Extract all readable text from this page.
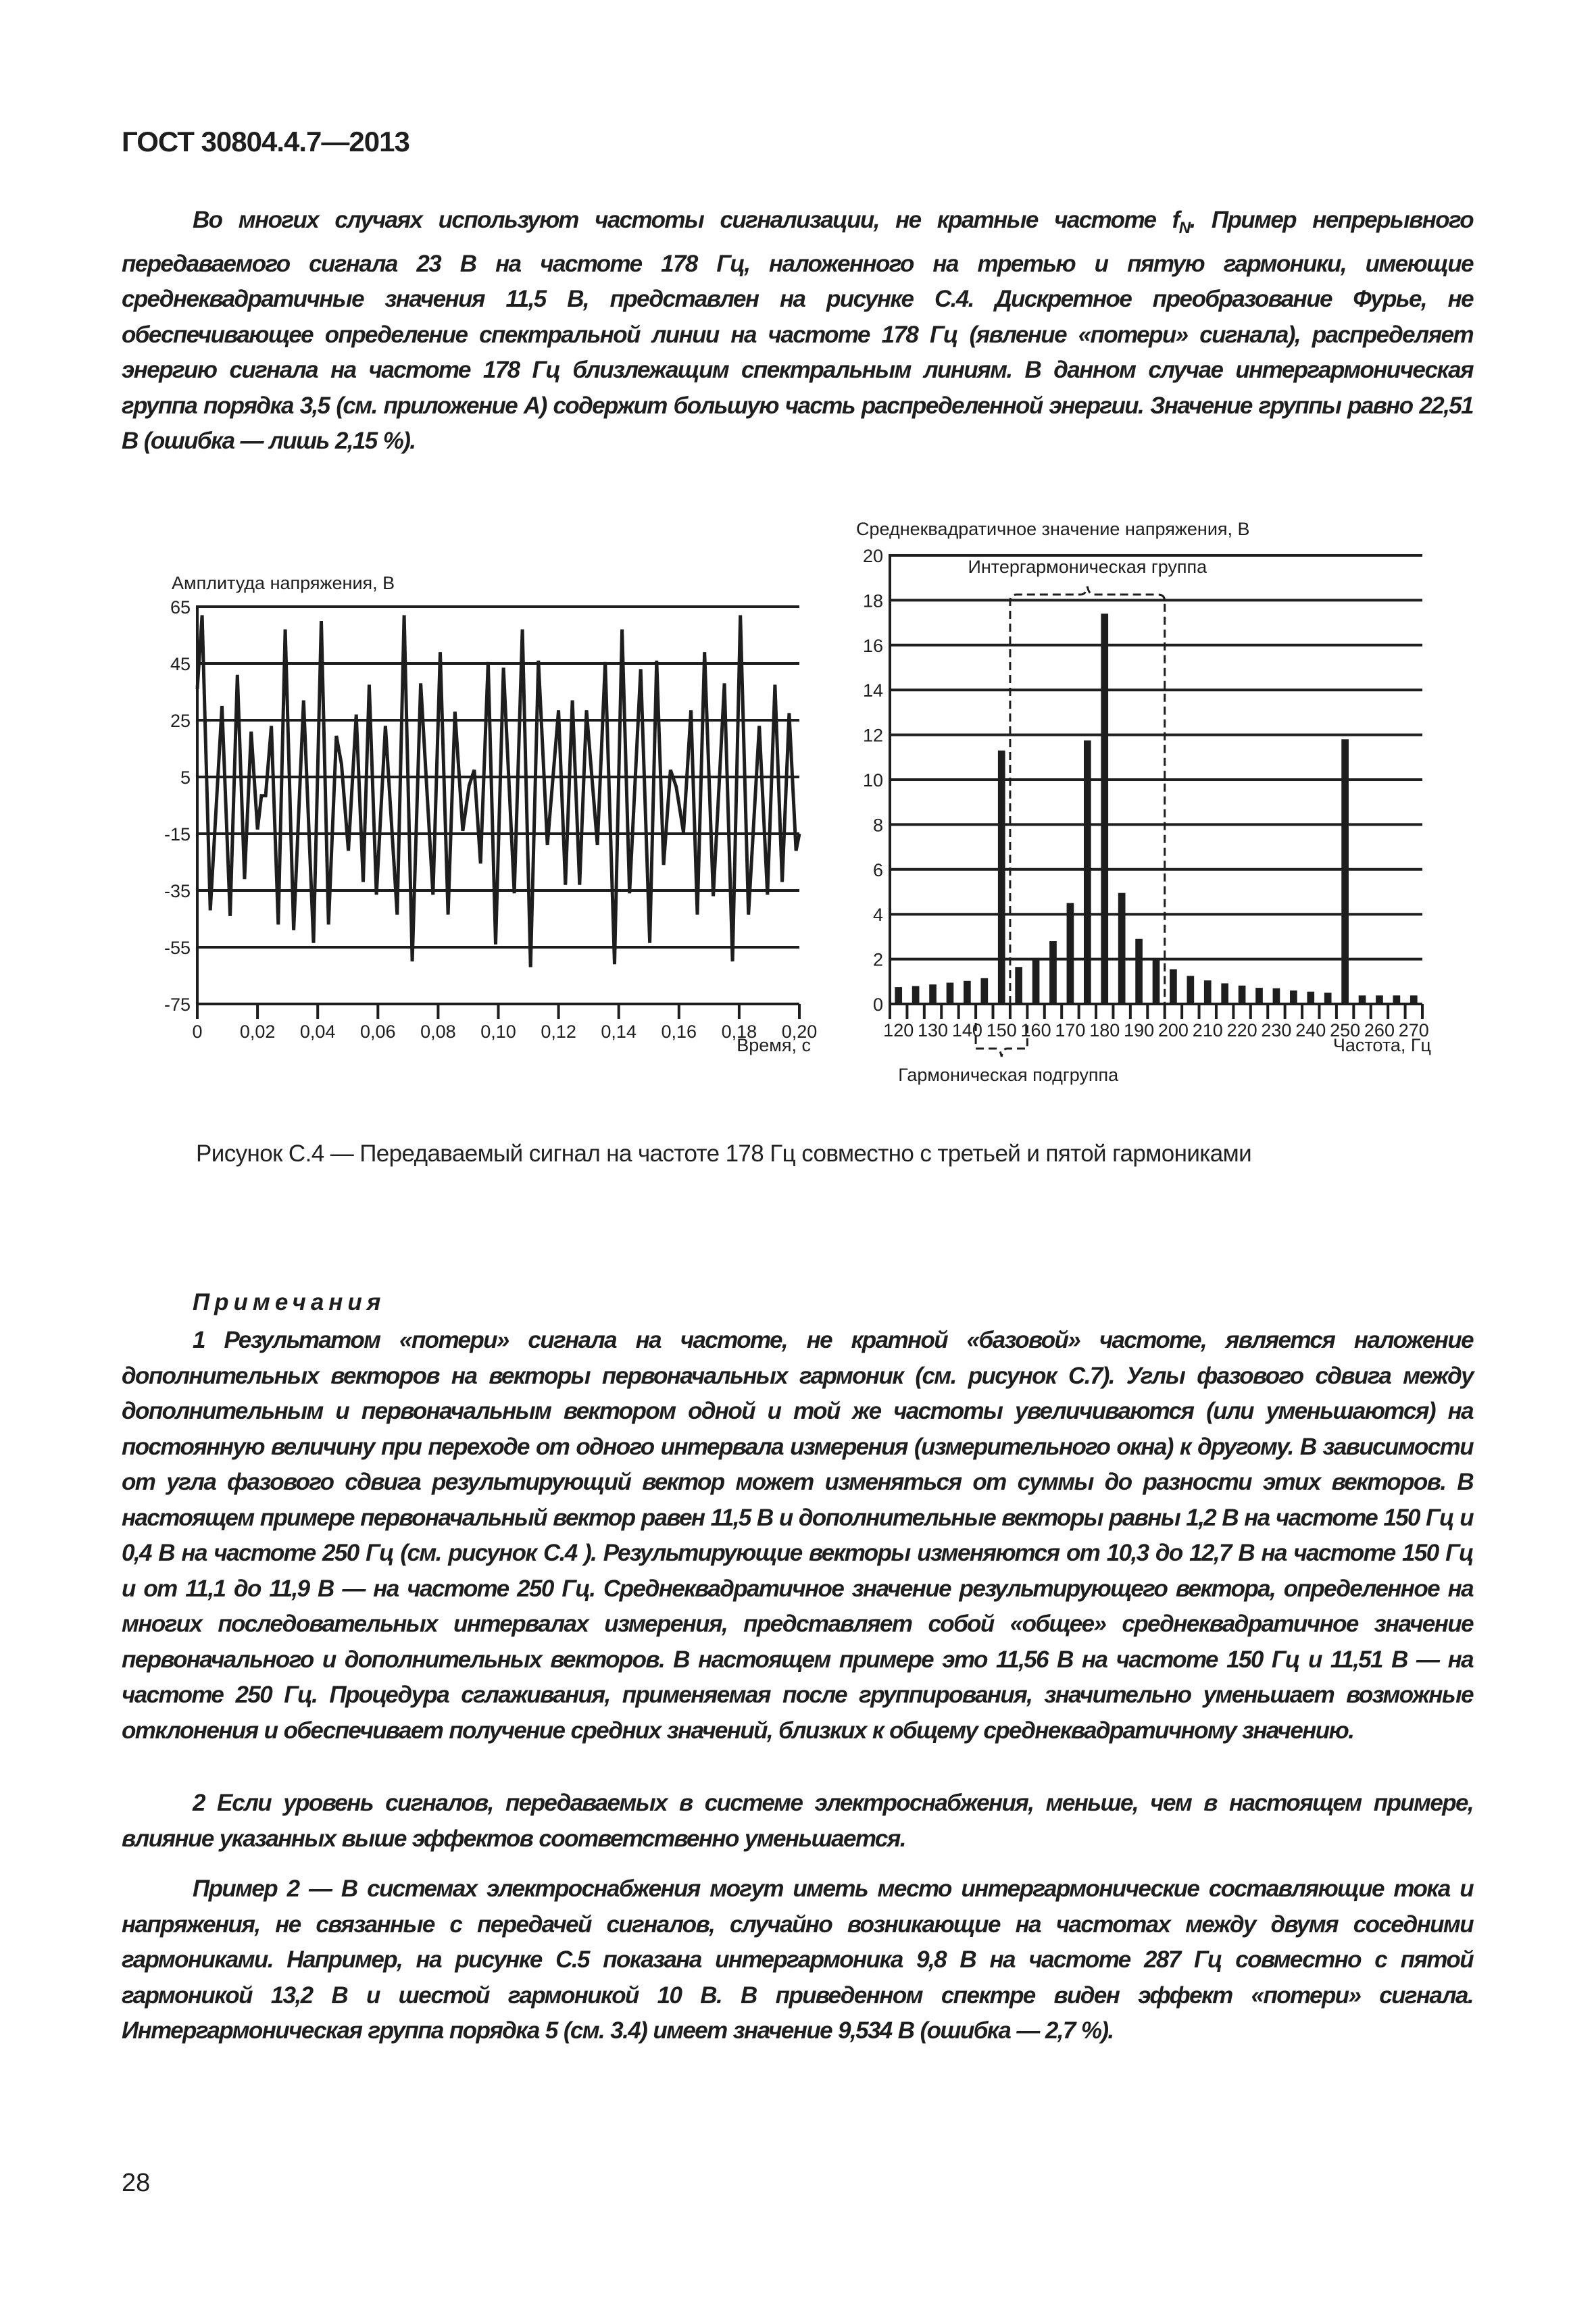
ГОСТ 30804.4.7—2013
Во многих случаях используют частоты сигнализации, не кратные частоте $f_N$. Пример непрерывного передаваемого сигнала 23 В на частоте 178 Гц, наложенного на третью и пятую гармоники, имеющие среднеквадратичные значения 11,5 В, представлен на рисунке С.4. Дискретное преобразование Фурье, не обеспечивающее определение спектральной линии на частоте 178 Гц (явление «потери» сигнала), распределяет энергию сигнала на частоте 178 Гц близлежащим спектральным линиям. В данном случае интергармоническая группа порядка 3,5 (см. приложение А) содержит большую часть распределенной энергии. Значение группы равно 22,51 В (ошибка — лишь 2,15 %).
Амплитуда напряжения, В
Время, с
65
45
25
5
-15
-35
-55
-75
0 0,02 0,04 0,06 0,08 0,10 0,12 0,14 0,16 0,18 0,20
Среднеквадратичное значение напряжения, В
Частота, Гц
0
2
4
6
8
10
12
14
16
18
20
120 130 140 150 160 170 180 190 200 210 220 230 240 250 260 270
Интергармоническая группа
Гармоническая подгруппа
Рисунок С.4 — Передаваемый сигнал на частоте 178 Гц совместно с третьей и пятой гармониками
Примечания
1 Результатом «потери» сигнала на частоте, не кратной «базовой» частоте, является наложение дополнительных векторов на векторы первоначальных гармоник (см. рисунок С.7). Углы фазового сдвига между дополнительным и первоначальным вектором одной и той же частоты увеличиваются (или уменьшаются) на постоянную величину при переходе от одного интервала измерения (измерительного окна) к другому. В зависимости от угла фазового сдвига результирующий вектор может изменяться от суммы до разности этих векторов. В настоящем примере первоначальный вектор равен 11,5 В и дополнительные векторы равны 1,2 В на частоте 150 Гц и 0,4 В на частоте 250 Гц (см. рисунок С.4 ). Результирующие векторы изменяются от 10,3 до 12,7 В на частоте 150 Гц и от 11,1 до 11,9 В — на частоте 250 Гц. Среднеквадратичное значение результирующего вектора, определенное на многих последовательных интервалах измерения, представляет собой «общее» среднеквадратичное значение первоначального и дополнительных векторов. В настоящем примере это 11,56 В на частоте 150 Гц и 11,51 В — на частоте 250 Гц. Процедура сглаживания, применяемая после группирования, значительно уменьшает возможные отклонения и обеспечивает получение средних значений, близких к общему среднеквадратичному значению.
2 Если уровень сигналов, передаваемых в системе электроснабжения, меньше, чем в настоящем примере, влияние указанных выше эффектов соответственно уменьшается.
Пример 2 — В системах электроснабжения могут иметь место интергармонические составляющие тока и напряжения, не связанные с передачей сигналов, случайно возникающие на частотах между двумя соседними гармониками. Например, на рисунке С.5 показана интергармоника 9,8 В на частоте 287 Гц совместно с пятой гармоникой 13,2 В и шестой гармоникой 10 В. В приведенном спектре виден эффект «потери» сигнала. Интергармоническая группа порядка 5 (см. 3.4) имеет значение 9,534 В (ошибка — 2,7 %).
28
